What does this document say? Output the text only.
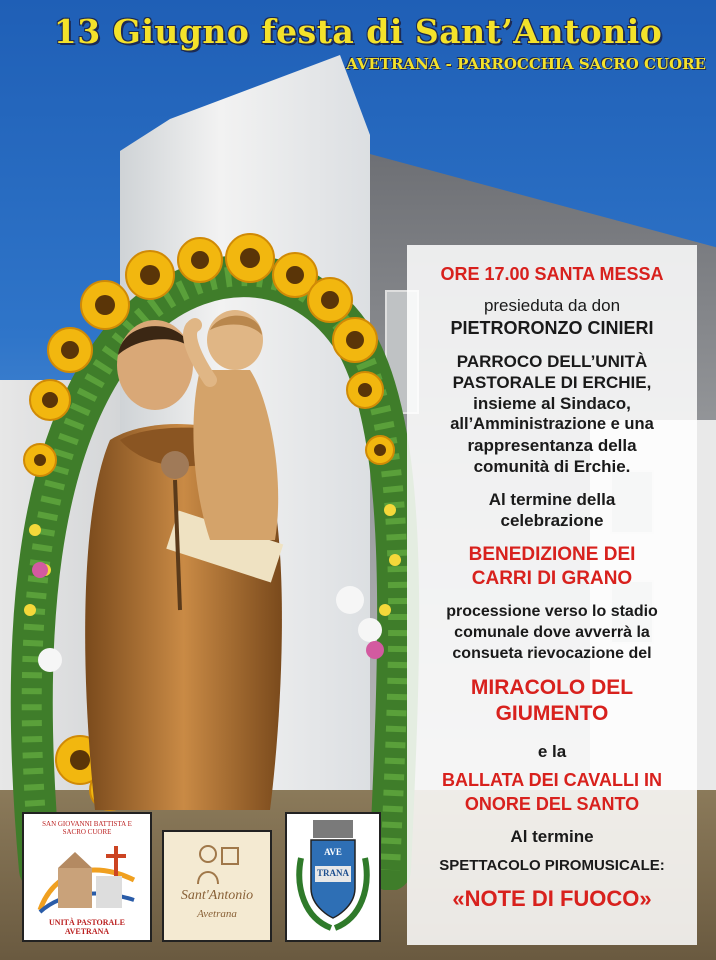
13 Giugno festa di Sant’Antonio
AVETRANA - PARROCCHIA SACRO CUORE
ORE 17.00 SANTA MESSA
presieduta da don
PIETRORONZO CINIERI
PARROCO DELL’UNITÀ
PASTORALE DI ERCHIE,
insieme al Sindaco,
all’Amministrazione e una
rappresentanza della
comunità di Erchie.
Al termine della
celebrazione
BENEDIZIONE DEI
CARRI DI GRANO
processione verso lo stadio
comunale dove avverrà la
consueta rievocazione del
MIRACOLO DEL
GIUMENTO
e la
BALLATA DEI CAVALLI IN
ONORE DEL SANTO
Al termine
SPETTACOLO PIROMUSICALE:
«NOTE DI FUOCO»
SAN GIOVANNI BATTISTA E SACRO CUORE
UNITÀ PASTORALE AVETRANA
Sant'Antonio
Avetrana
AVE
TRANA
